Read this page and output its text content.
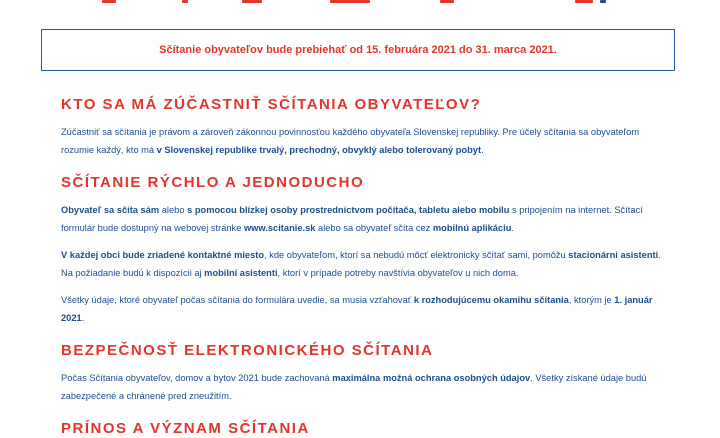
Sčítanie obyvateľov bude prebiehať od 15. februára 2021 do 31. marca 2021.
KTO SA MÁ ZÚČASTNIŤ SČÍTANIA OBYVATEĽOV?

Zúčastniť sa sčítania je právom a zároveň zákonnou povinnosťou každého obyvateľa Slovenskej republiky. Pre účely sčítania sa obyvateľom rozumie každý, kto má v Slovenskej republike trvalý, prechodný, obvyklý alebo tolerovaný pobyt.

SČÍTANIE RÝCHLO A JEDNODUCHO

Obyvateľ sa sčíta sám alebo s pomocou blízkej osoby prostredníctvom počítača, tabletu alebo mobilu s pripojením na internet. Sčítací formulár bude dostupný na webovej stránke www.scitanie.sk alebo sa obyvateľ sčíta cez mobilnú aplikáciu.

V každej obci bude zriadené kontaktné miesto, kde obyvateľom, ktorí sa nebudú môcť elektronicky sčítať sami, pomôžu stacionárni asistenti. Na požiadanie budú k dispozícii aj mobilní asistenti, ktorí v prípade potreby navštívia obyvateľov u nich doma.

Všetky údaje, ktoré obyvateľ počas sčítania do formulára uvedie, sa musia vzťahovať k rozhodujúcemu okamihu sčítania, ktorým je 1. január 2021.

BEZPEČNOSŤ ELEKTRONICKÉHO SČÍTANIA

Počas Sčítania obyvateľov, domov a bytov 2021 bude zachovaná maximálna možná ochrana osobných údajov. Všetky získané údaje budú zabezpečené a chránené pred zneužitím.

PRÍNOS A VÝZNAM SČÍTANIA
